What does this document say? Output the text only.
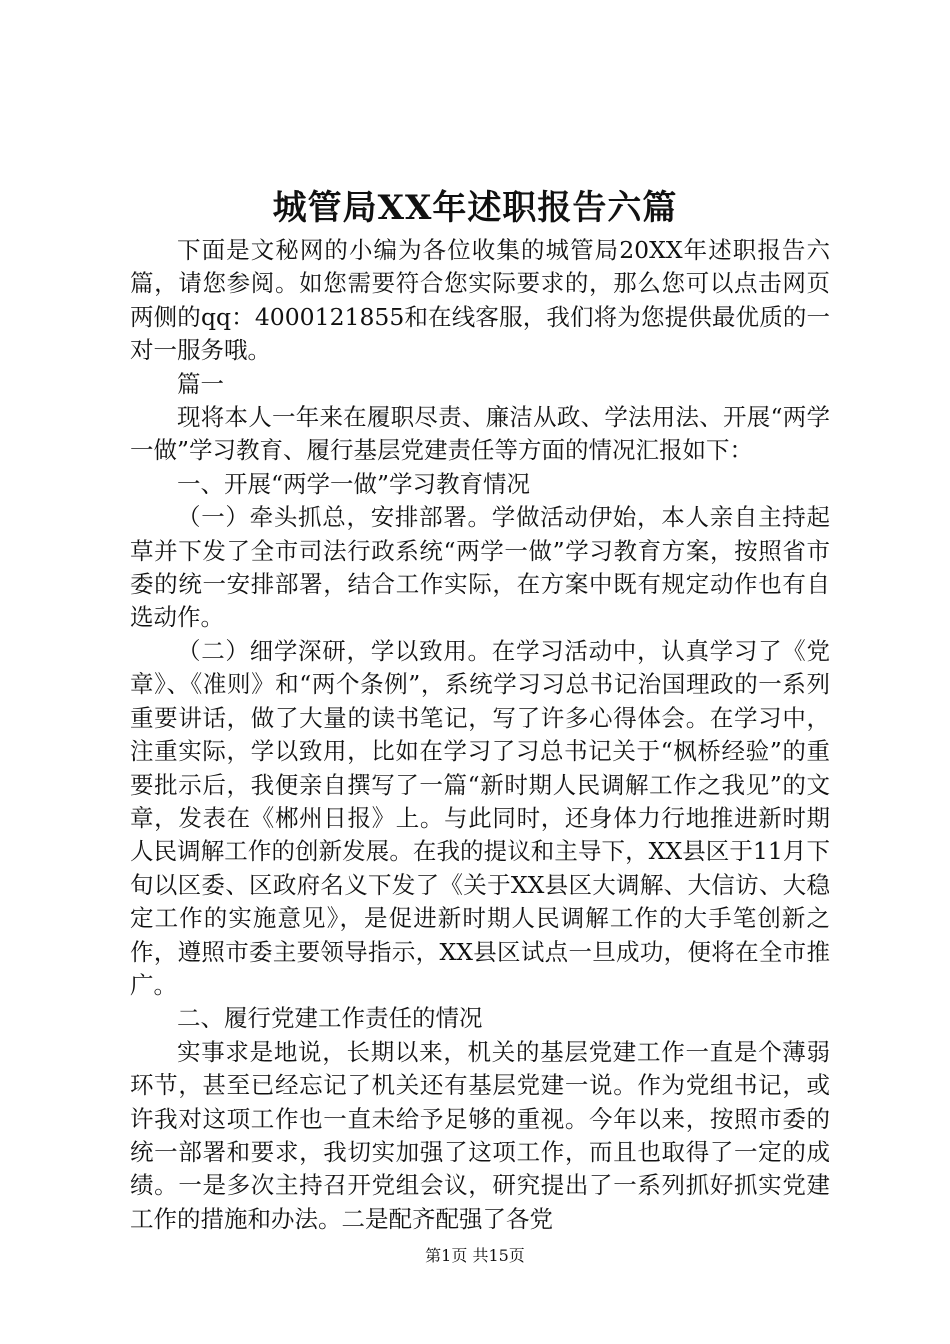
城管局XX年述职报告六篇

下面是文秘网的小编为各位收集的城管局20XX年述职报告六篇，请您参阅。如您需要符合您实际要求的，那么您可以点击网页两侧的qq：4000121855和在线客服，我们将为您提供最优质的一对一服务哦。

篇一

现将本人一年来在履职尽责、廉洁从政、学法用法、开展“两学一做”学习教育、履行基层党建责任等方面的情况汇报如下：

一、开展“两学一做”学习教育情况

（一）牵头抓总，安排部署。学做活动伊始，本人亲自主持起草并下发了全市司法行政系统“两学一做”学习教育方案，按照省市委的统一安排部署，结合工作实际，在方案中既有规定动作也有自选动作。

（二）细学深研，学以致用。在学习活动中，认真学习了《党章》、《准则》和“两个条例”，系统学习习总书记治国理政的一系列重要讲话，做了大量的读书笔记，写了许多心得体会。在学习中，注重实际，学以致用，比如在学习了习总书记关于“枫桥经验”的重要批示后，我便亲自撰写了一篇“新时期人民调解工作之我见”的文章，发表在《郴州日报》上。与此同时，还身体力行地推进新时期人民调解工作的创新发展。在我的提议和主导下，XX县区于11月下旬以区委、区政府名义下发了《关于XX县区大调解、大信访、大稳定工作的实施意见》，是促进新时期人民调解工作的大手笔创新之作，遵照市委主要领导指示，XX县区试点一旦成功，便将在全市推广。

二、履行党建工作责任的情况

实事求是地说，长期以来，机关的基层党建工作一直是个薄弱环节，甚至已经忘记了机关还有基层党建一说。作为党组书记，或许我对这项工作也一直未给予足够的重视。今年以来，按照市委的统一部署和要求，我切实加强了这项工作，而且也取得了一定的成绩。一是多次主持召开党组会议，研究提出了一系列抓好抓实党建工作的措施和办法。二是配齐配强了各党

第1页 共15页
